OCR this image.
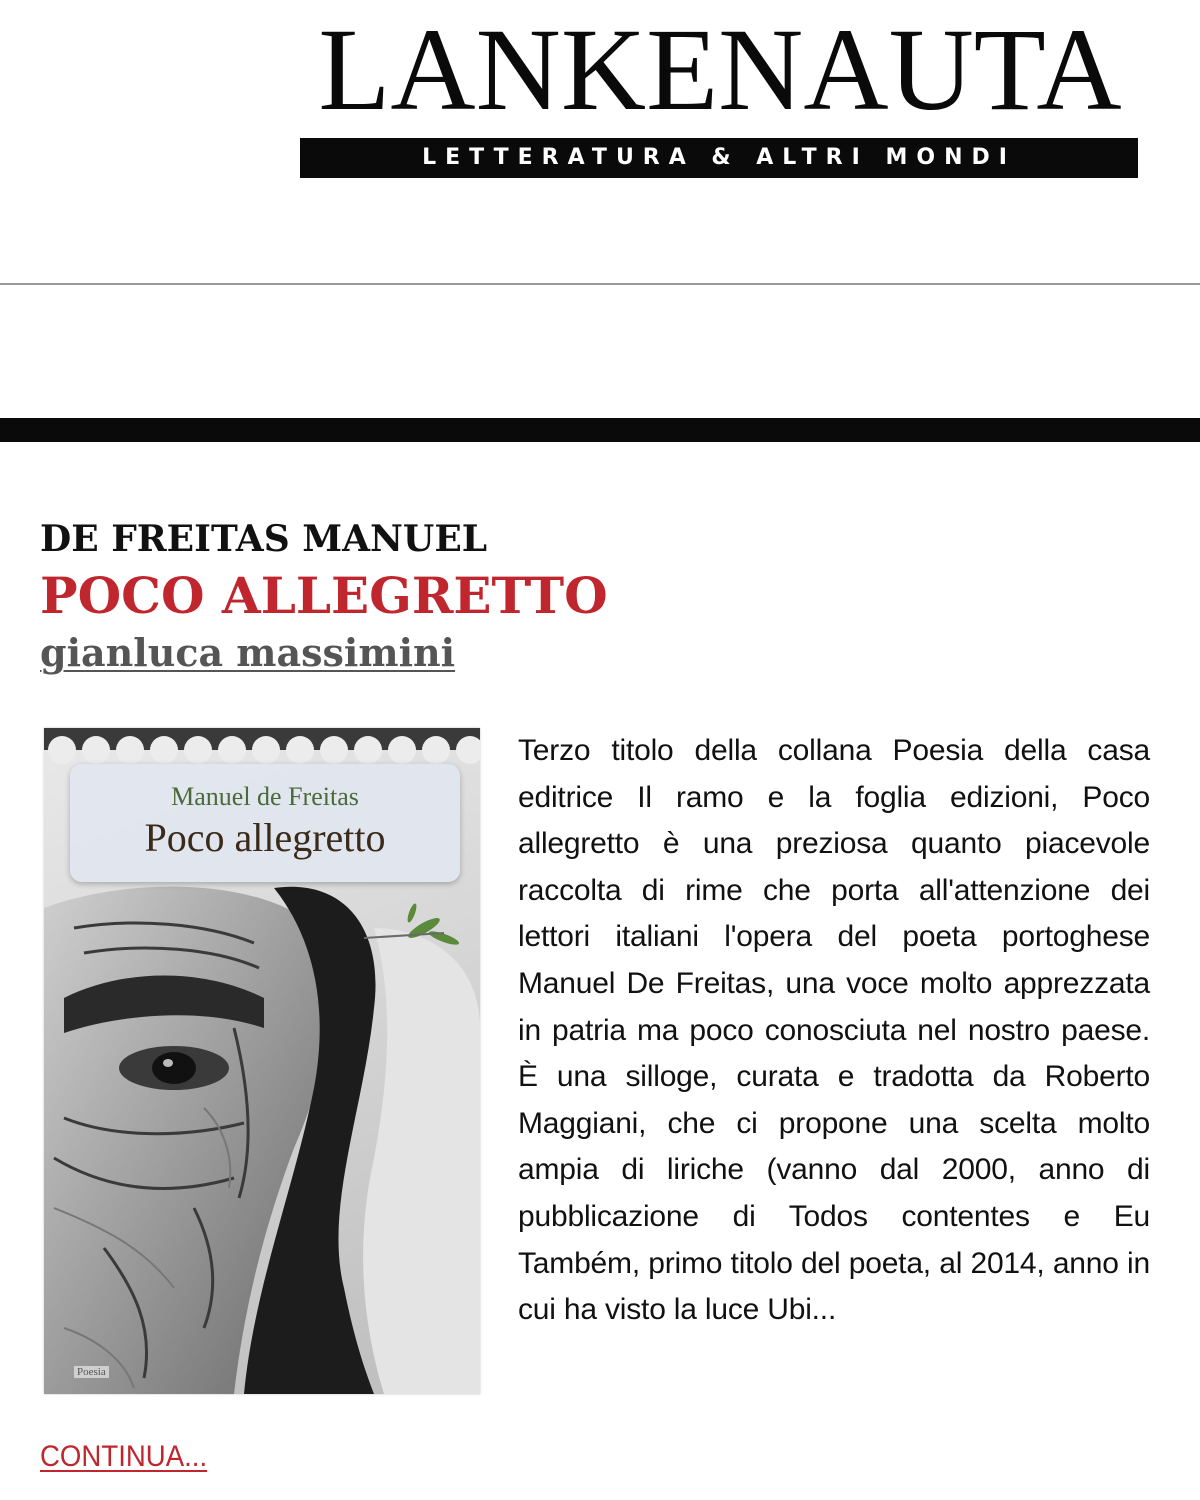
LANKENAUTA
LETTERATURA & ALTRI MONDI
DE FREITAS MANUEL
POCO ALLEGRETTO
gianluca massimini
Manuel de Freitas
Poco allegretto
Poesia

Terzo titolo della collana Poesia della casa editrice Il ramo e la foglia edizioni, Poco allegretto è una preziosa quanto piacevole raccolta di rime che porta all'attenzione dei lettori italiani l'opera del poeta portoghese Manuel De Freitas, una voce molto apprezzata in patria ma poco conosciuta nel nostro paese. È una silloge, curata e tradotta da Roberto Maggiani, che ci propone una scelta molto ampia di liriche (vanno dal 2000, anno di pubblicazione di Todos contentes e Eu Também, primo titolo del poeta, al 2014, anno in cui ha visto la luce Ubi...

CONTINUA...
